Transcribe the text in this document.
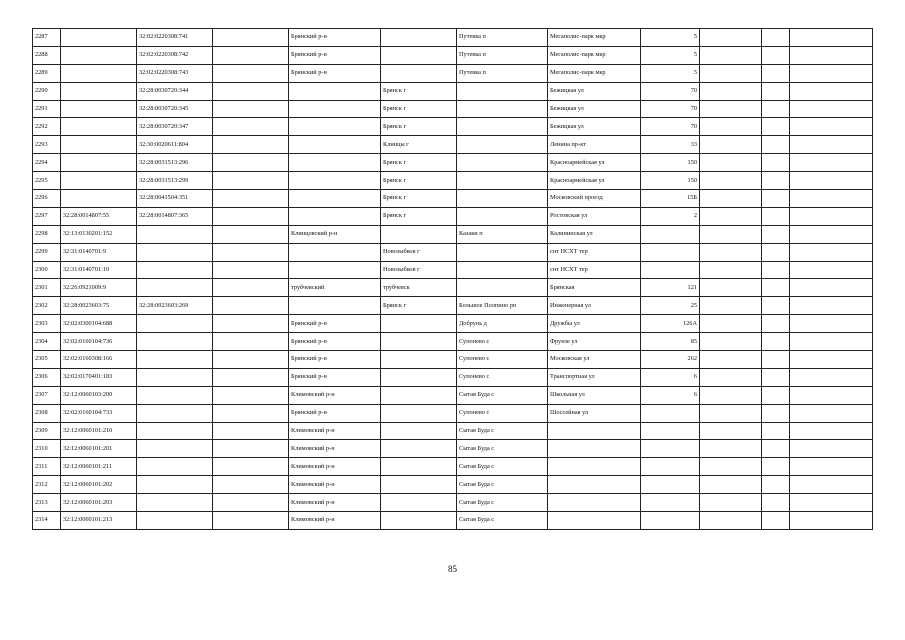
2287		32:02:0220308:741		Брянский р-н		Путевка п	Мегаполис-парк мкр	5			
2288		32:02:0220308:742		Брянский р-н		Путевка п	Мегаполис-парк мкр	5			
2289		32:02:0220308:743		Брянский р-н		Путевка п	Мегаполис-парк мкр	5			
2290		32:28:0030720:344			Брянск г		Бежицкая ул	70			
2291		32:28:0030720:345			Брянск г		Бежицкая ул	70			
2292		32:28:0030720:347			Брянск г		Бежицкая ул	70			
2293		32:30:0020611:804			Клинцы г		Ленина пр-кт	33			
2294		32:28:0031513:296			Брянск г		Красноармейская ул	150			
2295		32:28:0031513:299			Брянск г		Красноармейская ул	150			
2296		32:28:0041504:351			Брянск г		Московский проезд	15Б			
2297	32:28:0014807:55	32:28:0014807:365			Брянск г		Ростовская ул	2			
2298	32:13:0130201:152			Клинцовский р-н		Казаки п	Калининская ул				
2299	32:31:0140701:9				Новозыбков г		снт НСХТ тер				
2300	32:31:0140701:10				Новозыбков г		снт НСХТ тер				
2301	32:26:0921009:9			трубчевский	трубчевск		Брянская	121			
2302	32:28:0023603:75	32:28:0023603:269			Брянск г	Большое Полпино рп	Инженерная ул	25			
2303	32:02:0300104:688			Брянский р-н		Добрунь д	Дружбы ул	126А			
2304	32:02:0160104:736			Брянский р-н		Супонево с	Фрунзе ул	85			
2305	32:02:0160308:166			Брянский р-н		Супонево с	Московская ул	262			
2306	32:02:0170401:183			Брянский р-н		Супонево с	Транспортная ул	6			
2307	32:12:0060103:200			Климовский р-н		Сытая Буда с	Школьная ул	6			
2308	32:02:0160104:733			Брянский р-н		Супонево с	Шоссейная ул				
2309	32:12:0060101:210			Климовский р-н		Сытая Буда с					
2310	32:12:0060101:201			Климовский р-н		Сытая Буда с					
2311	32:12:0060101:211			Климовский р-н		Сытая Буда с					
2312	32:12:0060101:202			Климовский р-н		Сытая Буда с					
2313	32:12:0060101:203			Климовский р-н		Сытая Буда с					
2314	32:12:0060101:213			Климовский р-н		Сытая Буда с					
85
